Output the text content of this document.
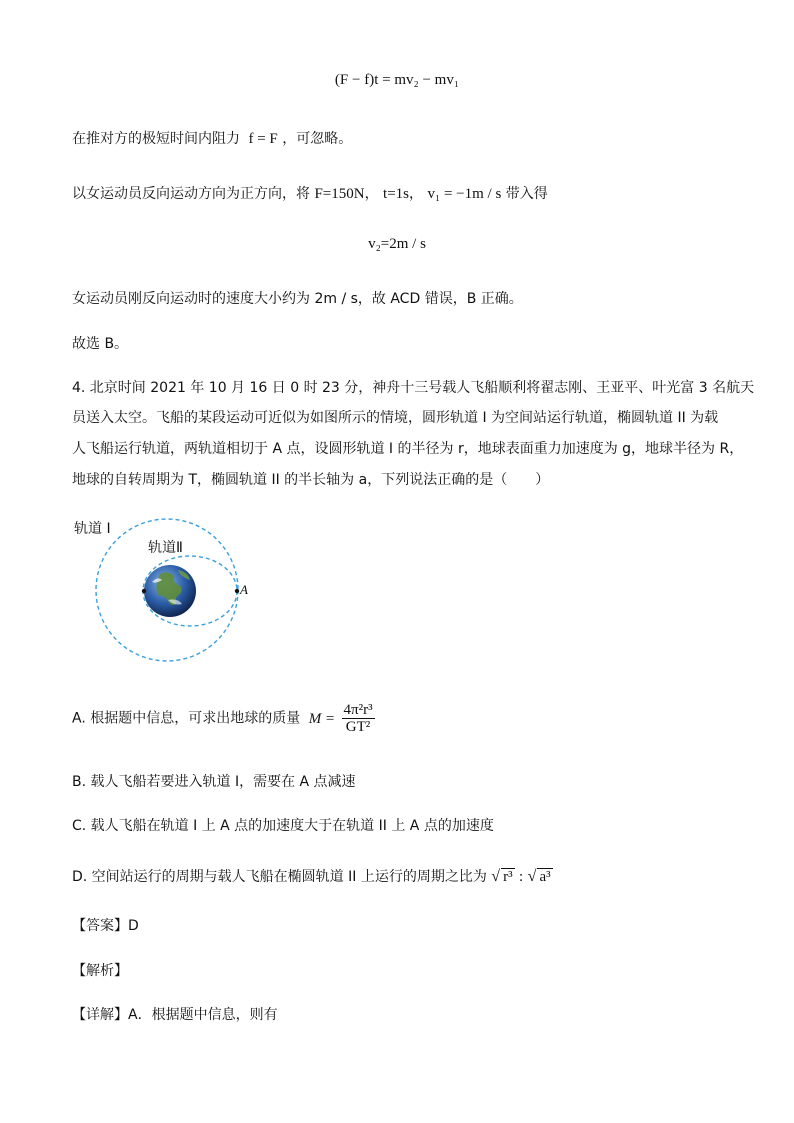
(F − f)t = mv₂ − mv₁
在推对方的极短时间内阻力 f = F ，可忽略。
以女运动员反向运动方向为正方向，将 F=150N， t=1s， v₁ = −1m / s 带入得
v₂=2m / s
女运动员刚反向运动时的速度大小约为 2m / s，故 ACD 错误，B 正确。
故选 B。
4. 北京时间 2021 年 10 月 16 日 0 时 23 分，神舟十三号载人飞船顺利将翟志刚、王亚平、叶光富 3 名航天
员送入太空。飞船的某段运动可近似为如图所示的情境，圆形轨道 I 为空间站运行轨道，椭圆轨道 II 为载
人飞船运行轨道，两轨道相切于 A 点，设圆形轨道 I 的半径为 r，地球表面重力加速度为 g，地球半径为 R，
地球的自转周期为 T，椭圆轨道 II 的半长轴为 a，下列说法正确的是（　　）
轨道 I
轨道Ⅱ
A
A. 根据题中信息，可求出地球的质量 $M = \frac{\text{4π²r³}}{\text{GT²}}$
B. 载人飞船若要进入轨道 I，需要在 A 点减速
C. 载人飞船在轨道 I 上 A 点的加速度大于在轨道 II 上 A 点的加速度
D. 空间站运行的周期与载人飞船在椭圆轨道 II 上运行的周期之比为 √ r³ : √ a³
【答案】D
【解析】
【详解】A．根据题中信息，则有
